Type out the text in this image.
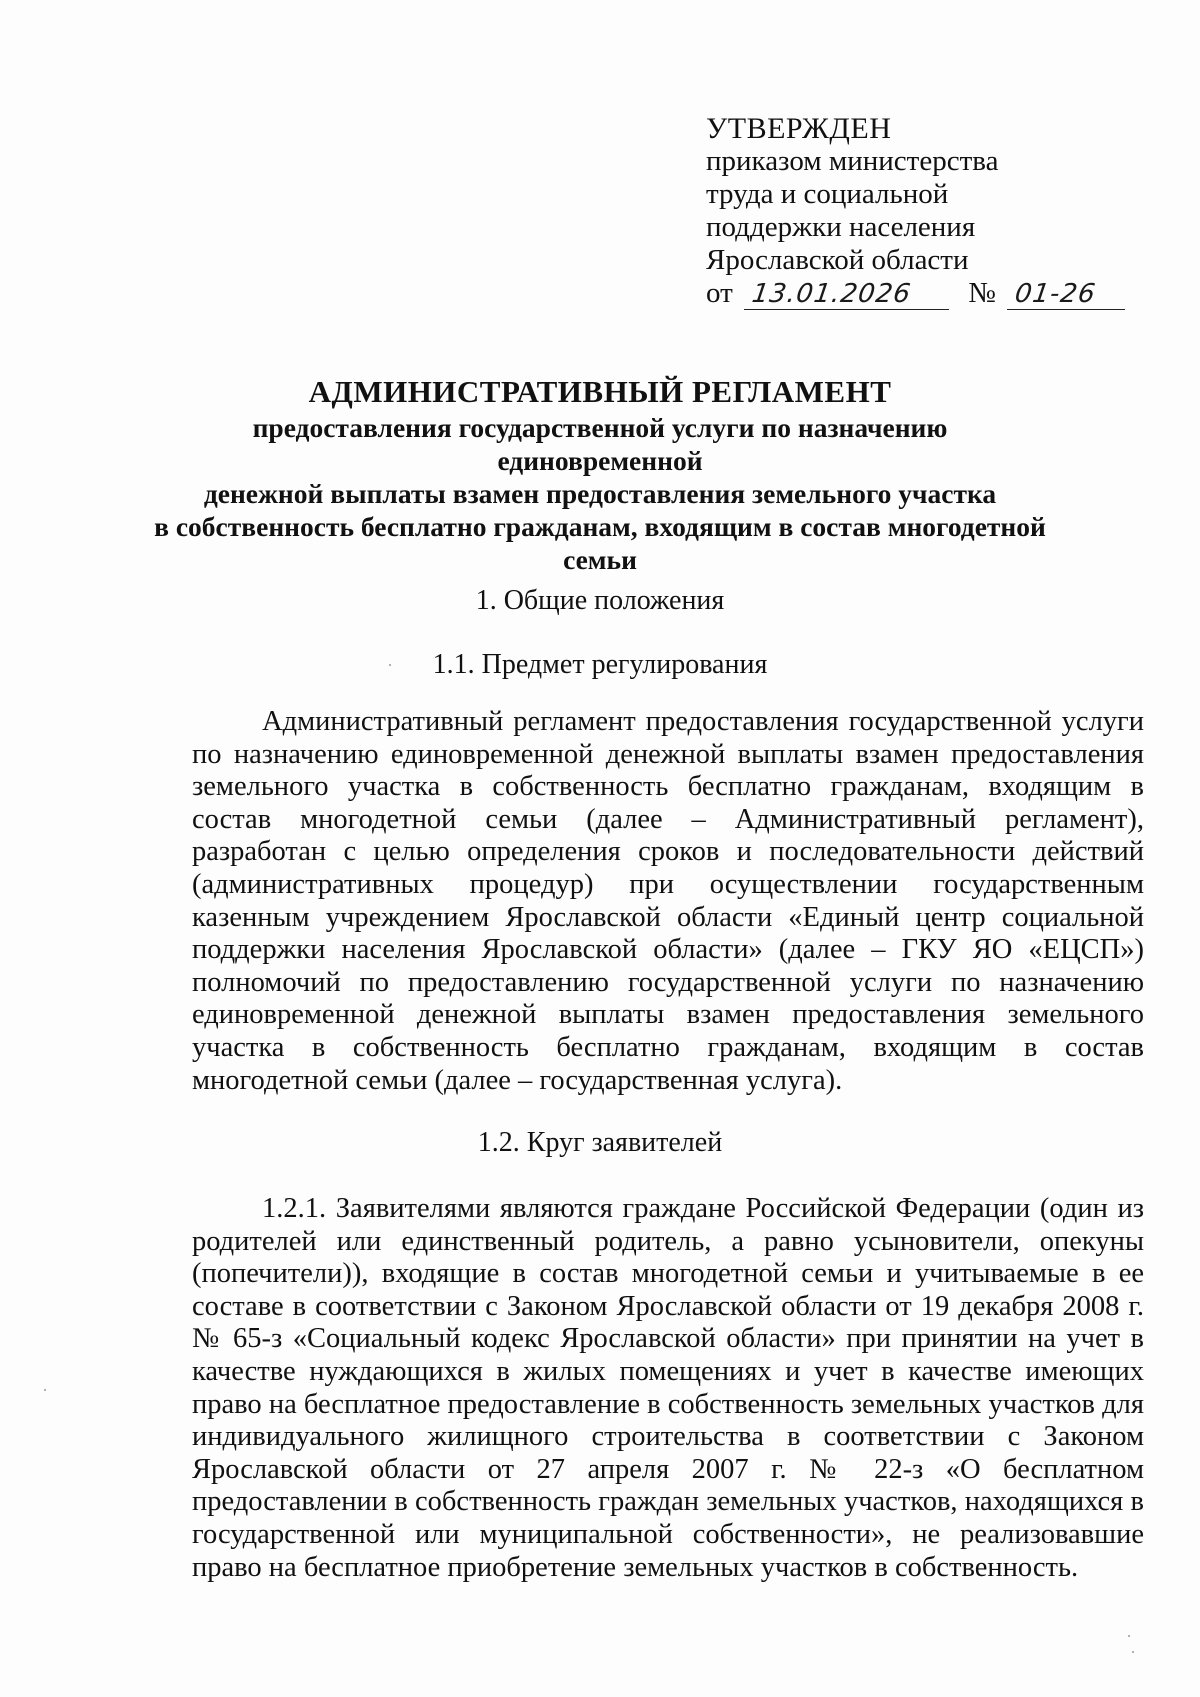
УТВЕРЖДЕН
приказом министерства
труда и социальной
поддержки населения
Ярославской области
от 13.01.2026 № 01-26
АДМИНИСТРАТИВНЫЙ РЕГЛАМЕНТ
предоставления государственной услуги по назначению единовременной
денежной выплаты взамен предоставления земельного участка
в собственность бесплатно гражданам, входящим в состав многодетной
семьи
1. Общие положения
1.1. Предмет регулирования
Административный регламент предоставления государственной услуги по назначению единовременной денежной выплаты взамен предоставления земельного участка в собственность бесплатно гражданам, входящим в состав многодетной семьи (далее – Административный регламент), разработан с целью определения сроков и последовательности действий (административных процедур) при осуществлении государственным казенным учреждением Ярославской области «Единый центр социальной поддержки населения Ярославской области» (далее – ГКУ ЯО «ЕЦСП») полномочий по предоставлению государственной услуги по назначению единовременной денежной выплаты взамен предоставления земельного участка в собственность бесплатно гражданам, входящим в состав многодетной семьи (далее – государственная услуга).
1.2. Круг заявителей
1.2.1. Заявителями являются граждане Российской Федерации (один из родителей или единственный родитель, а равно усыновители, опекуны (попечители)), входящие в состав многодетной семьи и учитываемые в ее составе в соответствии с Законом Ярославской области от 19 декабря 2008 г. № 65-з «Социальный кодекс Ярославской области» при принятии на учет в качестве нуждающихся в жилых помещениях и учет в качестве имеющих право на бесплатное предоставление в собственность земельных участков для индивидуального жилищного строительства в соответствии с Законом Ярославской области от 27 апреля 2007 г. № 22-з «О бесплатном предоставлении в собственность граждан земельных участков, находящихся в государственной или муниципальной собственности», не реализовавшие право на бесплатное приобретение земельных участков в собственность.
